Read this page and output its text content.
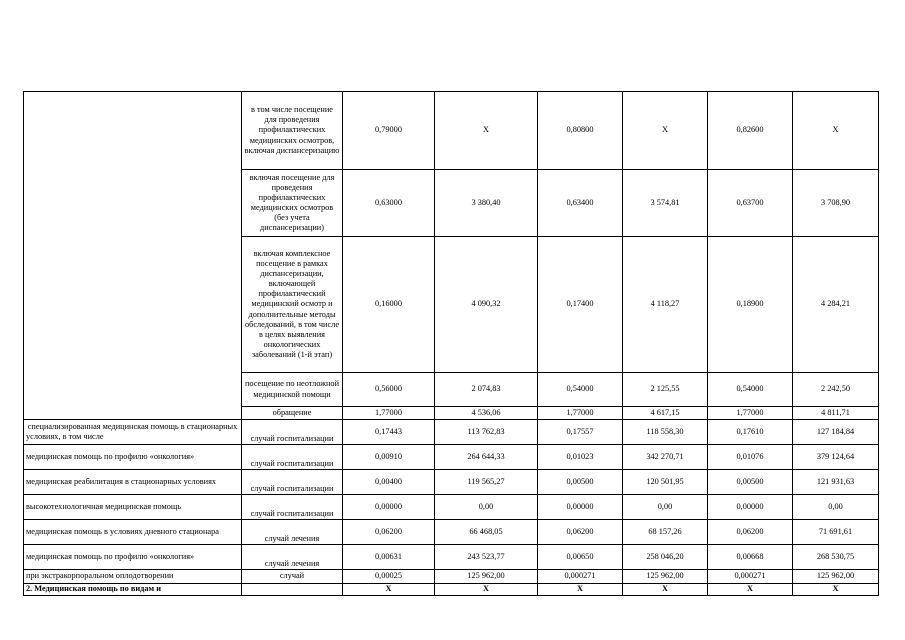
	в том числе посещение для проведения профилактических медицинских осмотров, включая диспансеризацию	0,79000	Х	0,80800	Х	0,82600	Х
	включая посещение для проведения профилактических медицинских осмотров (без учета диспансеризации)	0,63000	3 380,40	0,63400	3 574,81	0,63700	3 708,90
	включая комплексное посещение в рамках диспансеризации, включающей профилактический медицинский осмотр и дополнительные методы обследований, в том числе в целях выявления онкологических заболеваний (1-й этап)	0,16000	4 090,32	0,17400	4 118,27	0,18900	4 284,21
	посещение по неотложной медицинской помощи	0,56000	2 074,83	0,54000	2 125,55	0,54000	2 242,50
	обращение	1,77000	4 536,06	1,77000	4 617,15	1,77000	4 811,71
специализированная медицинская помощь в стационарных условиях, в том числе	случай госпитализации	0,17443	113 762,83	0,17557	118 558,30	0,17610	127 184,84
медицинская помощь по профилю «онкология»	случай госпитализации	0,00910	264 644,33	0,01023	342 270,71	0,01076	379 124,64
медицинская реабилитация в стационарных условиях	случай госпитализации	0,00400	119 565,27	0,00500	120 501,95	0,00500	121 931,63
высокотехнологичная медицинская помощь	случай госпитализации	0,00000	0,00	0,00000	0,00	0,00000	0,00
медицинская помощь в условиях дневного стационара	случай лечения	0,06200	66 468,05	0,06200	68 157,26	0,06200	71 691,61
медицинская помощь по профилю «онкология»	случай лечения	0,00631	243 523,77	0,00650	258 046,20	0,00668	268 530,75
при экстракорпоральном оплодотворении	случай	0,00025	125 962,00	0,000271	125 962,00	0,000271	125 962,00
2. Медицинская помощь по видам и		Х	Х	Х	Х	Х	Х
